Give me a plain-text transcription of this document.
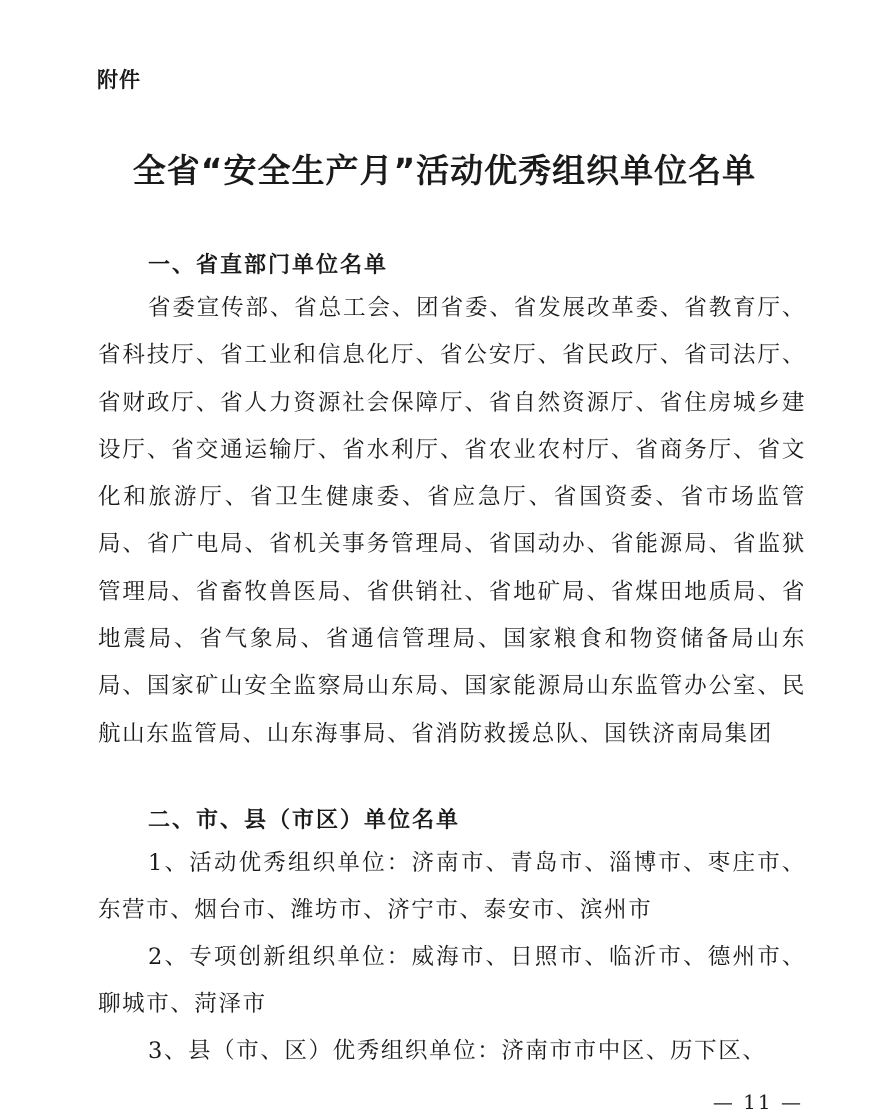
附件
全省“安全生产月”活动优秀组织单位名单
一、省直部门单位名单

省委宣传部、省总工会、团省委、省发展改革委、省教育厅、省科技厅、省工业和信息化厅、省公安厅、省民政厅、省司法厅、省财政厅、省人力资源社会保障厅、省自然资源厅、省住房城乡建设厅、省交通运输厅、省水利厅、省农业农村厅、省商务厅、省文化和旅游厅、省卫生健康委、省应急厅、省国资委、省市场监管局、省广电局、省机关事务管理局、省国动办、省能源局、省监狱管理局、省畜牧兽医局、省供销社、省地矿局、省煤田地质局、省地震局、省气象局、省通信管理局、国家粮食和物资储备局山东局、国家矿山安全监察局山东局、国家能源局山东监管办公室、民航山东监管局、山东海事局、省消防救援总队、国铁济南局集团

二、市、县（市区）单位名单

1、活动优秀组织单位：济南市、青岛市、淄博市、枣庄市、东营市、烟台市、潍坊市、济宁市、泰安市、滨州市

2、专项创新组织单位：威海市、日照市、临沂市、德州市、聊城市、菏泽市

3、县（市、区）优秀组织单位：济南市市中区、历下区、

— 11 —
